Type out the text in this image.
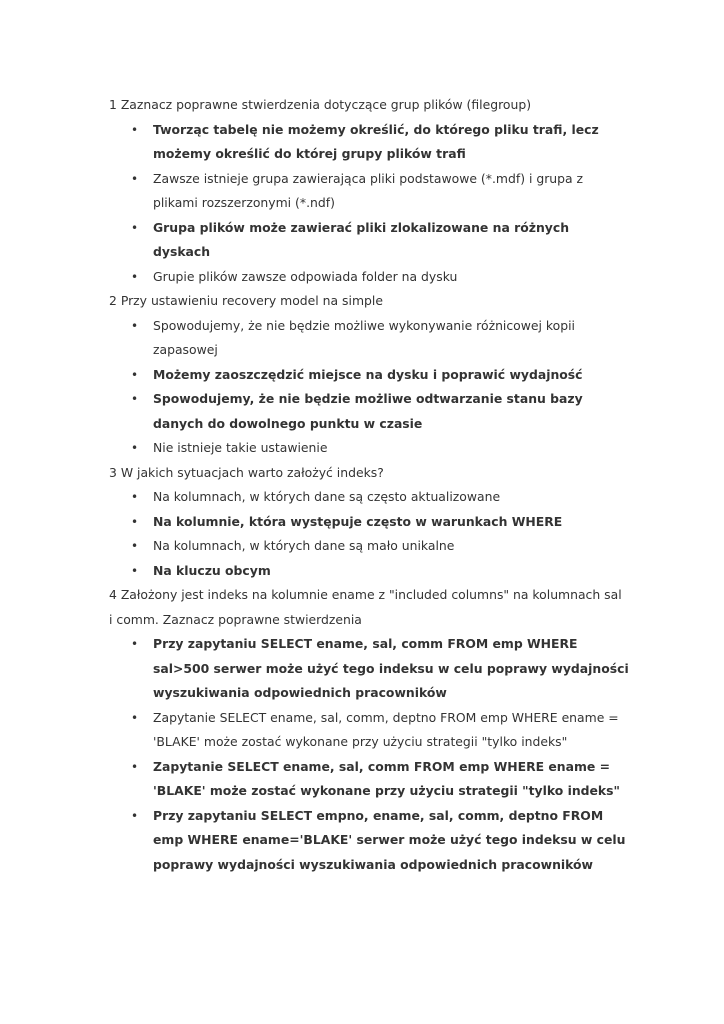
1 Zaznacz poprawne stwierdzenia dotyczące grup plików (filegroup)
• Tworząc tabelę nie możemy określić, do którego pliku trafi, lecz możemy określić do której grupy plików trafi
• Zawsze istnieje grupa zawierająca pliki podstawowe (*.mdf) i grupa z plikami rozszerzonymi (*.ndf)
• Grupa plików może zawierać pliki zlokalizowane na różnych dyskach
• Grupie plików zawsze odpowiada folder na dysku
2 Przy ustawieniu recovery model na simple
• Spowodujemy, że nie będzie możliwe wykonywanie różnicowej kopii zapasowej
• Możemy zaoszczędzić miejsce na dysku i poprawić wydajność
• Spowodujemy, że nie będzie możliwe odtwarzanie stanu bazy danych do dowolnego punktu w czasie
• Nie istnieje takie ustawienie
3 W jakich sytuacjach warto założyć indeks?
• Na kolumnach, w których dane są często aktualizowane
• Na kolumnie, która występuje często w warunkach WHERE
• Na kolumnach, w których dane są mało unikalne
• Na kluczu obcym
4 Założony jest indeks na kolumnie ename z "included columns" na kolumnach sal i comm. Zaznacz poprawne stwierdzenia
• Przy zapytaniu SELECT ename, sal, comm FROM emp WHERE sal>500 serwer może użyć tego indeksu w celu poprawy wydajności wyszukiwania odpowiednich pracowników
• Zapytanie SELECT ename, sal, comm, deptno FROM emp WHERE ename = 'BLAKE' może zostać wykonane przy użyciu strategii "tylko indeks"
• Zapytanie SELECT ename, sal, comm FROM emp WHERE ename = 'BLAKE' może zostać wykonane przy użyciu strategii "tylko indeks"
• Przy zapytaniu SELECT empno, ename, sal, comm, deptno FROM emp WHERE ename='BLAKE' serwer może użyć tego indeksu w celu poprawy wydajności wyszukiwania odpowiednich pracowników
